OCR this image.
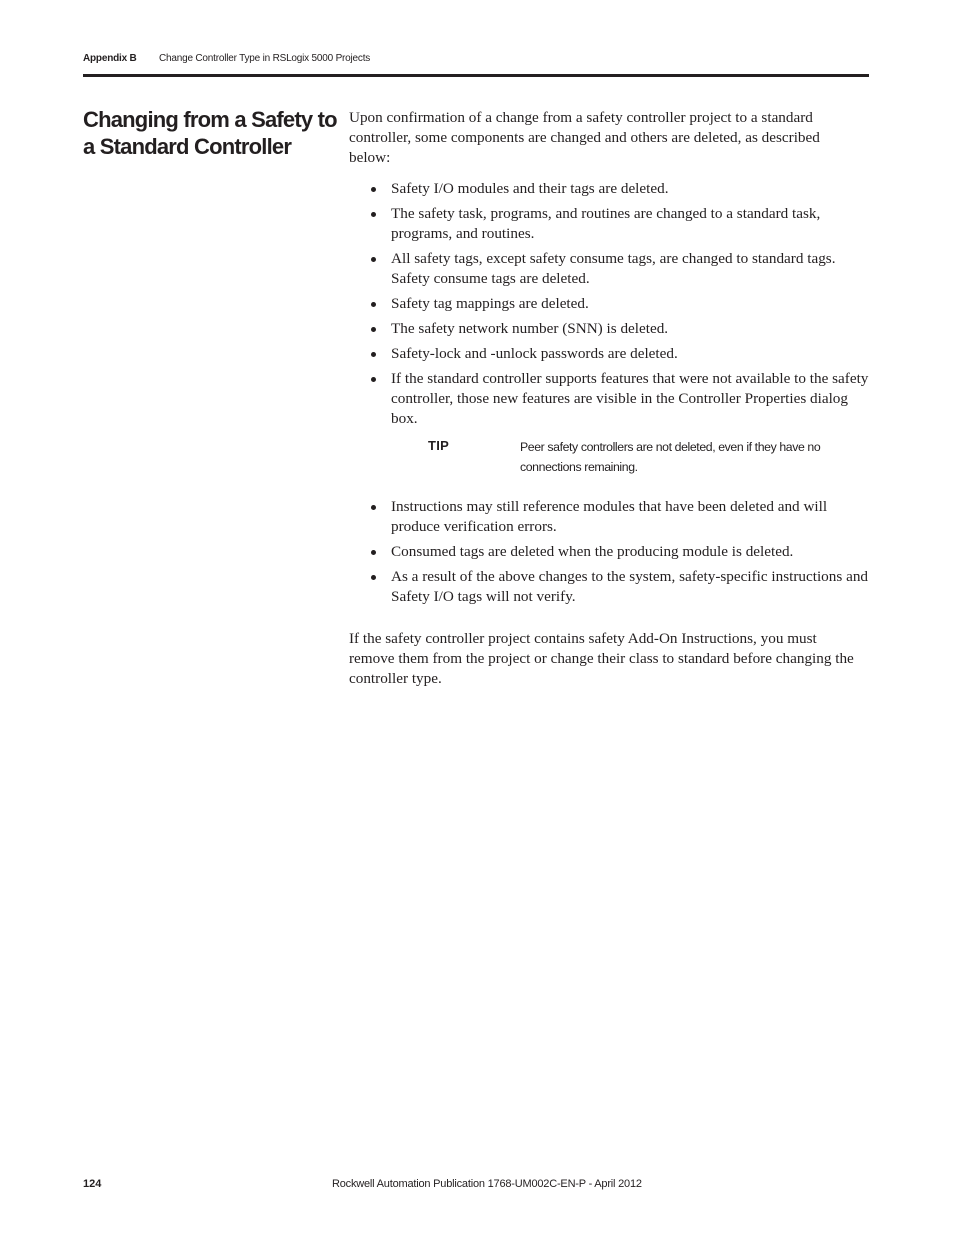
Appendix B Change Controller Type in RSLogix 5000 Projects
Changing from a Safety to a Standard Controller

Upon confirmation of a change from a safety controller project to a standard controller, some components are changed and others are deleted, as described below:

Safety I/O modules and their tags are deleted.
The safety task, programs, and routines are changed to a standard task, programs, and routines.
All safety tags, except safety consume tags, are changed to standard tags. Safety consume tags are deleted.
Safety tag mappings are deleted.
The safety network number (SNN) is deleted.
Safety-lock and -unlock passwords are deleted.
If the standard controller supports features that were not available to the safety controller, those new features are visible in the Controller Properties dialog box.
TIP	Peer safety controllers are not deleted, even if they have no connections remaining.

Instructions may still reference modules that have been deleted and will produce verification errors.
Consumed tags are deleted when the producing module is deleted.
As a result of the above changes to the system, safety-specific instructions and Safety I/O tags will not verify.

If the safety controller project contains safety Add-On Instructions, you must remove them from the project or change their class to standard before changing the controller type.

124	Rockwell Automation Publication 1768-UM002C-EN-P - April 2012
